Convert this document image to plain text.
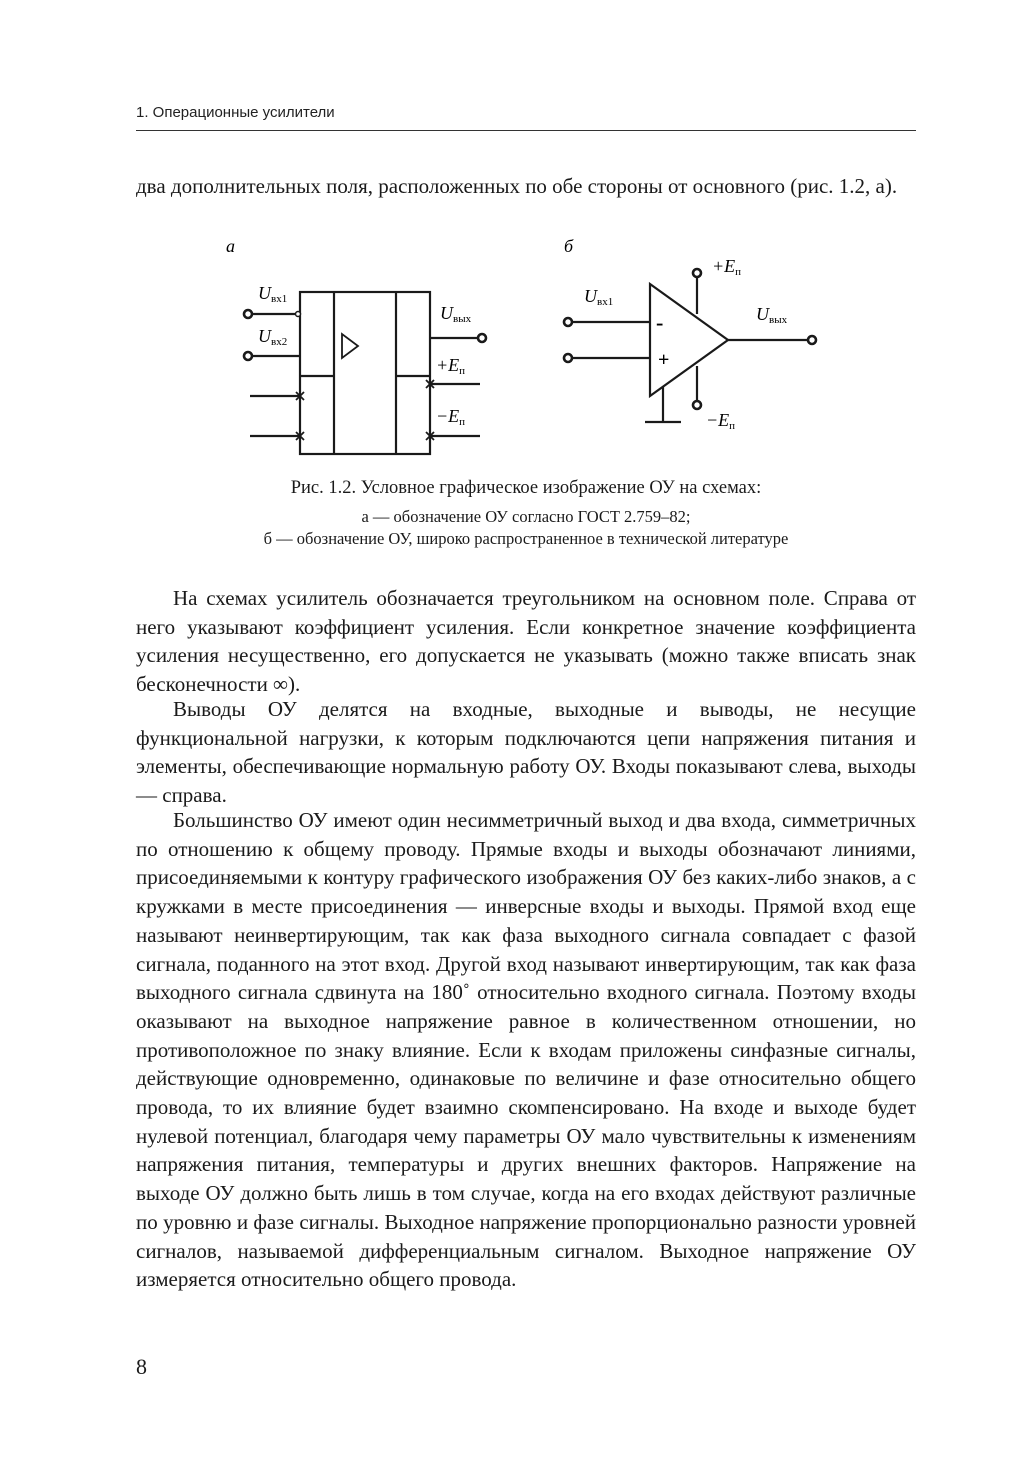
1. Операционные усилители

два дополнительных поля, расположенных по обе стороны от основного (рис. 1.2, а).

а
Uвх1
Uвх2
Uвых
+Eп
−Eп
б
Uвх1
Uвых
+Eп
−Eп
-
+

Рис. 1.2. Условное графическое изображение ОУ на схемах:

а — обозначение ОУ согласно ГОСТ 2.759–82;

б — обозначение ОУ, широко распространенное в технической литературе

На схемах усилитель обозначается треугольником на основном поле. Справа от него указывают коэффициент усиления. Если конкретное значение коэффициента усиления несущественно, его допускается не указывать (можно также вписать знак бесконечности ∞).

Выводы ОУ делятся на входные, выходные и выводы, не несущие функциональной нагрузки, к которым подключаются цепи напряжения питания и элементы, обеспечивающие нормальную работу ОУ. Входы показывают слева, выходы — справа.

Большинство ОУ имеют один несимметричный выход и два входа, симметричных по отношению к общему проводу. Прямые входы и выходы обозначают линиями, присоединяемыми к контуру графического изображения ОУ без каких-либо знаков, а с кружками в месте присоединения — инверсные входы и выходы. Прямой вход еще называют неинвертирующим, так как фаза выходного сигнала совпадает с фазой сигнала, поданного на этот вход. Другой вход называют инвертирующим, так как фаза выходного сигнала сдвинута на 180˚ относительно входного сигнала. Поэтому входы оказывают на выходное напряжение равное в количественном отношении, но противоположное по знаку влияние. Если к входам приложены синфазные сигналы, действующие одновременно, одинаковые по величине и фазе относительно общего провода, то их влияние будет взаимно скомпенсировано. На входе и выходе будет нулевой потенциал, благодаря чему параметры ОУ мало чувствительны к изменениям напряжения питания, температуры и других внешних факторов. Напряжение на выходе ОУ должно быть лишь в том случае, когда на его входах действуют различные по уровню и фазе сигналы. Выходное напряжение пропорционально разности уровней сигналов, называемой дифференциальным сигналом. Выходное напряжение ОУ измеряется относительно общего провода.

8
